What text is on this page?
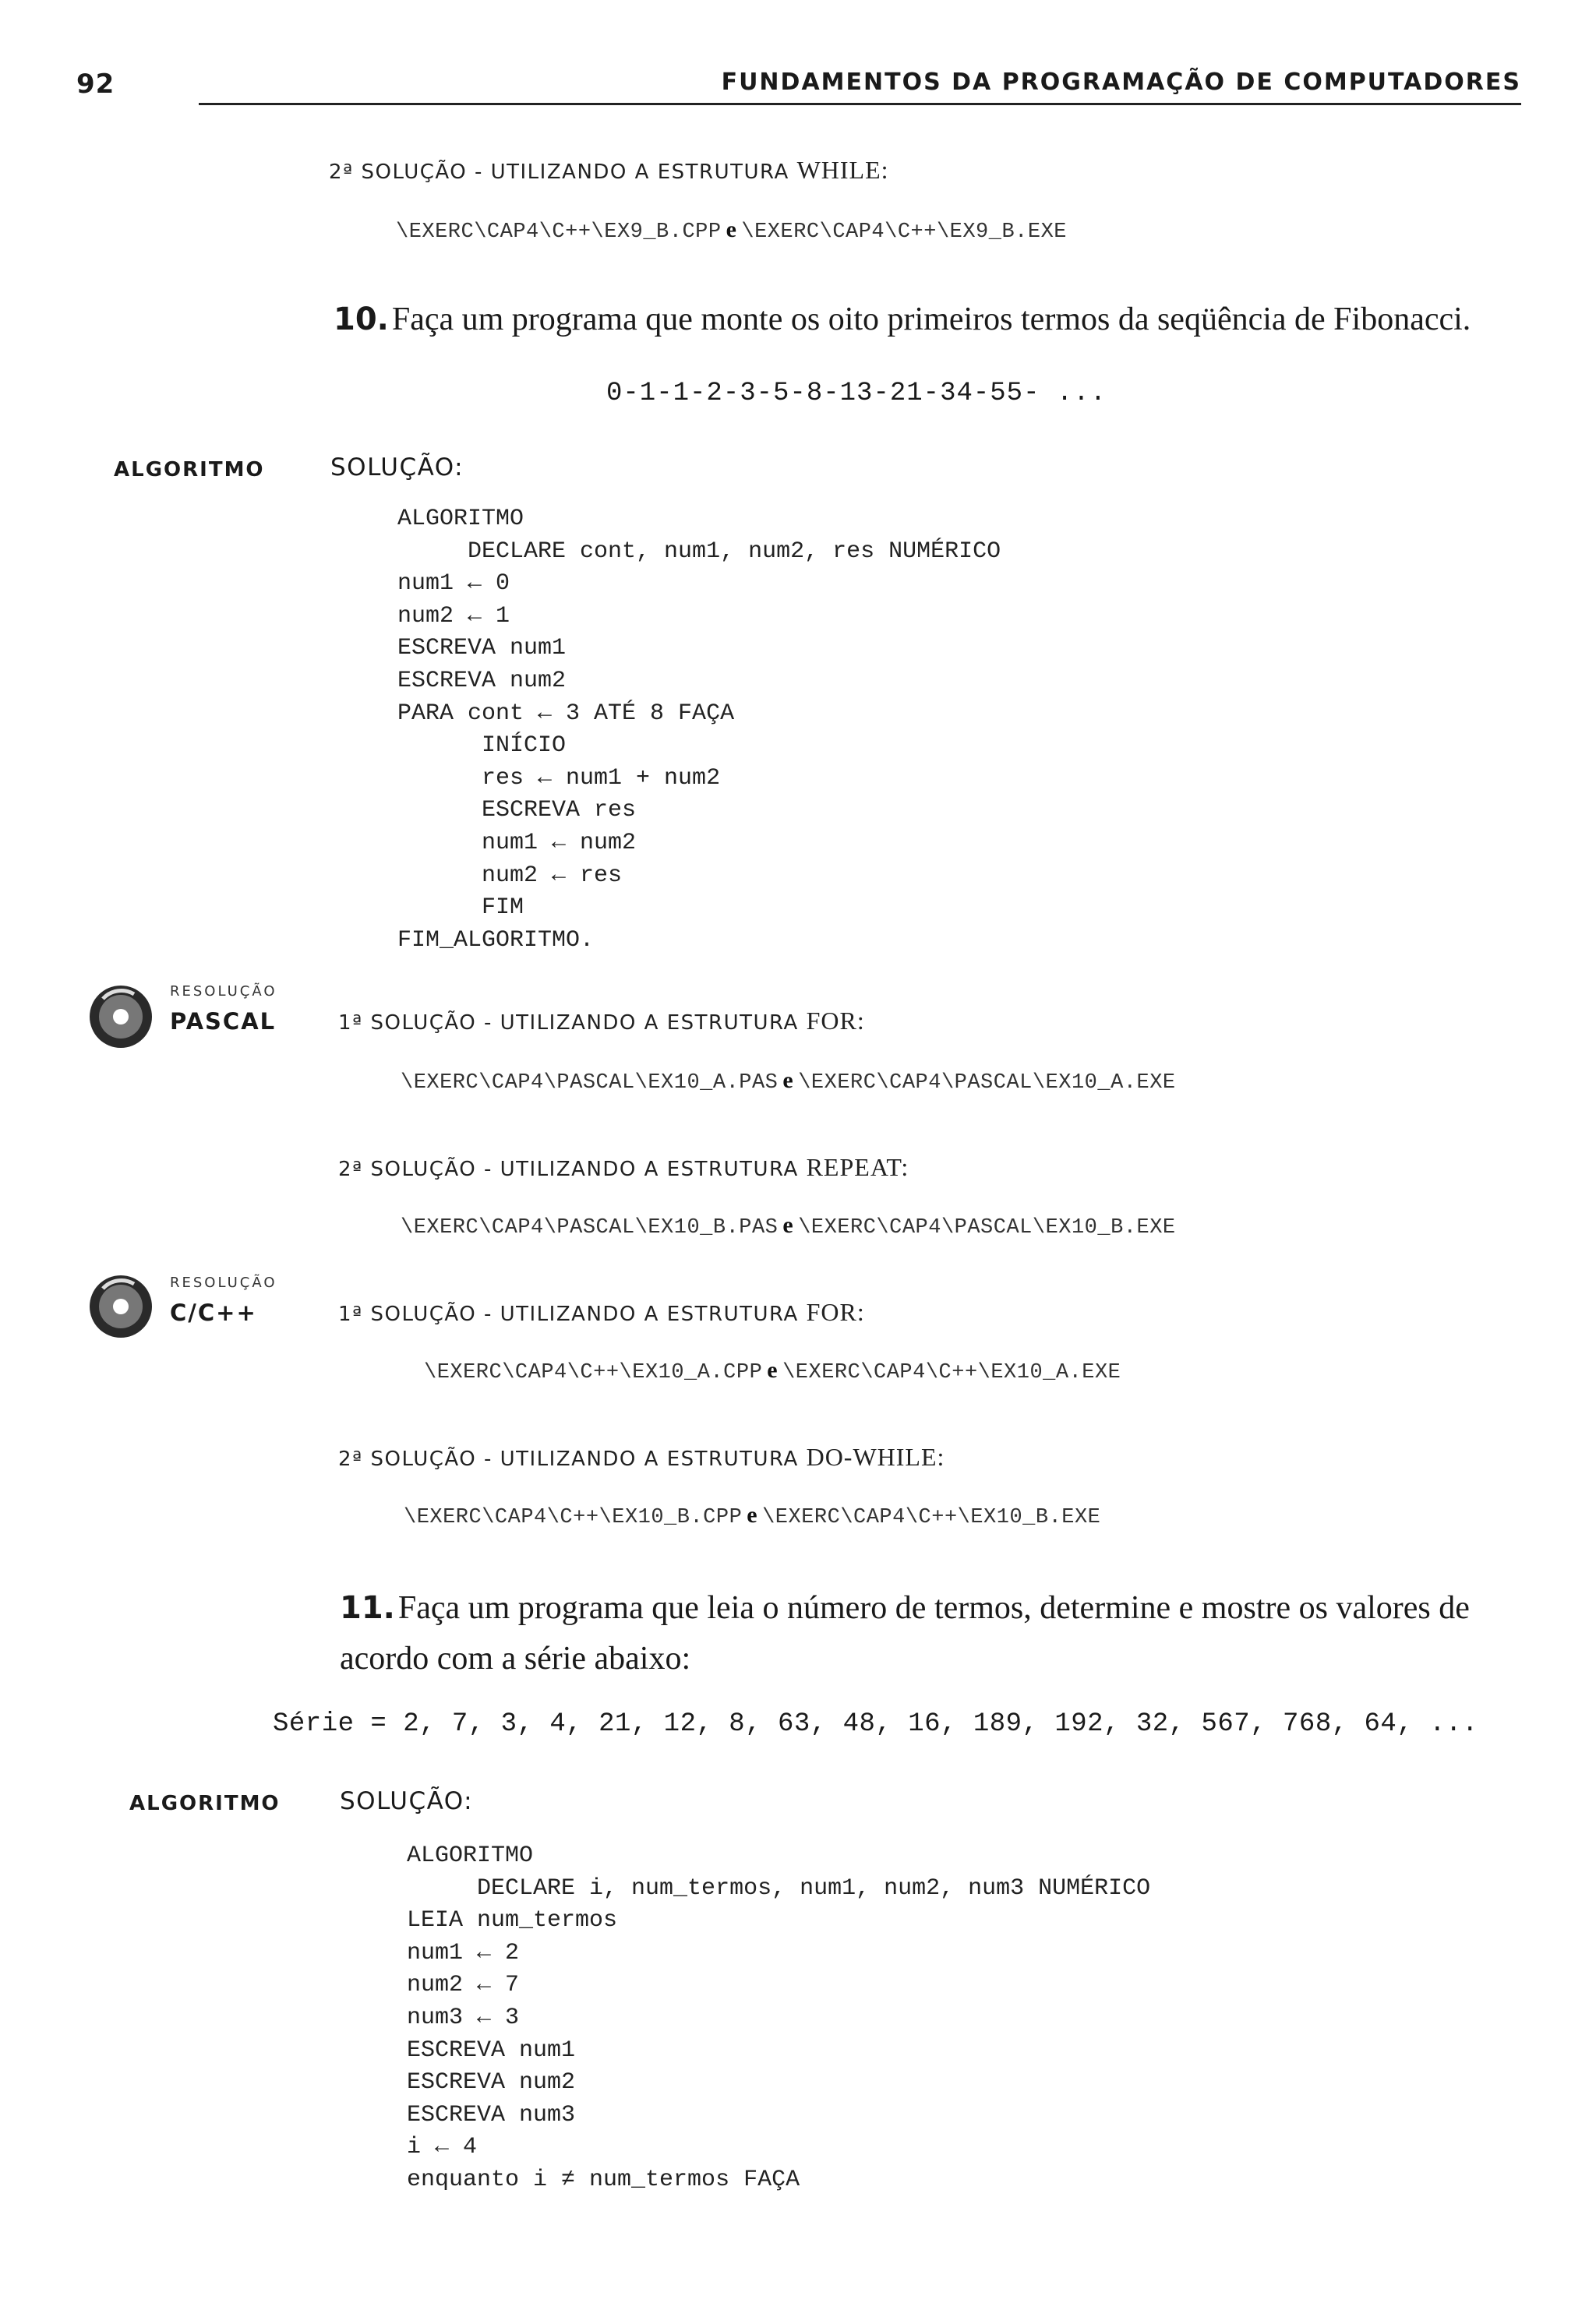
92	FUNDAMENTOS DA PROGRAMAÇÃO DE COMPUTADORES
2ª SOLUÇÃO - UTILIZANDO A ESTRUTURA WHILE:
\EXERC\CAP4\C++\EX9_B.CPP e \EXERC\CAP4\C++\EX9_B.EXE
10. Faça um programa que monte os oito primeiros termos da seqüência de Fibonacci.
0-1-1-2-3-5-8-13-21-34-55- ...
ALGORITMO	SOLUÇÃO:
ALGORITMO
DECLARE cont, num1, num2, res NUMÉRICO
num1 ← 0
num2 ← 1
ESCREVA num1
ESCREVA num2
PARA cont ← 3 ATÉ 8 FAÇA
INÍCIO
res ← num1 + num2
ESCREVA res
num1 ← num2
num2 ← res
FIM
FIM_ALGORITMO.
RESOLUÇÃO
PASCAL	1ª SOLUÇÃO - UTILIZANDO A ESTRUTURA FOR:
\EXERC\CAP4\PASCAL\EX10_A.PAS e \EXERC\CAP4\PASCAL\EX10_A.EXE
2ª SOLUÇÃO - UTILIZANDO A ESTRUTURA REPEAT:
\EXERC\CAP4\PASCAL\EX10_B.PAS e \EXERC\CAP4\PASCAL\EX10_B.EXE
RESOLUÇÃO
C/C++	1ª SOLUÇÃO - UTILIZANDO A ESTRUTURA FOR:
\EXERC\CAP4\C++\EX10_A.CPP e \EXERC\CAP4\C++\EX10_A.EXE
2ª SOLUÇÃO - UTILIZANDO A ESTRUTURA DO-WHILE:
\EXERC\CAP4\C++\EX10_B.CPP e \EXERC\CAP4\C++\EX10_B.EXE
11. Faça um programa que leia o número de termos, determine e mostre os valores de acordo com a série abaixo:
Série = 2, 7, 3, 4, 21, 12, 8, 63, 48, 16, 189, 192, 32, 567, 768, 64, ...
ALGORITMO SOLUÇÃO:
ALGORITMO
DECLARE i, num_termos, num1, num2, num3 NUMÉRICO
LEIA num_termos
num1 ← 2
num2 ← 7
num3 ← 3
ESCREVA num1
ESCREVA num2
ESCREVA num3
i ← 4
enquanto i ≠ num_termos FAÇA
